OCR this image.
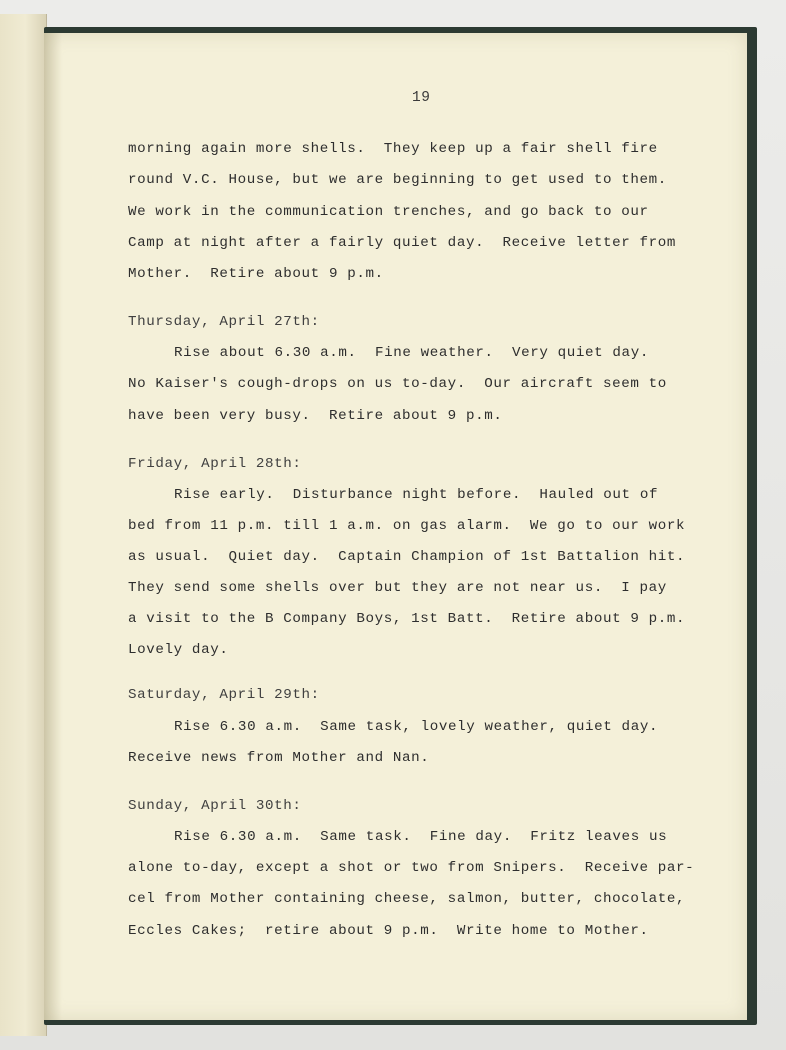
19
morning again more shells.  They keep up a fair shell fire
round V.C. House, but we are beginning to get used to them.
We work in the communication trenches, and go back to our
Camp at night after a fairly quiet day.  Receive letter from
Mother.  Retire about 9 p.m.
Thursday, April 27th:
Rise about 6.30 a.m.  Fine weather.  Very quiet day.
No Kaiser's cough-drops on us to-day.  Our aircraft seem to
have been very busy.  Retire about 9 p.m.
Friday, April 28th:
Rise early.  Disturbance night before.  Hauled out of
bed from 11 p.m. till 1 a.m. on gas alarm.  We go to our work
as usual.  Quiet day.  Captain Champion of 1st Battalion hit.
They send some shells over but they are not near us.  I pay
a visit to the B Company Boys, 1st Batt.  Retire about 9 p.m.
Lovely day.
Saturday, April 29th:
Rise 6.30 a.m.  Same task, lovely weather, quiet day.
Receive news from Mother and Nan.
Sunday, April 30th:
Rise 6.30 a.m.  Same task.  Fine day.  Fritz leaves us
alone to-day, except a shot or two from Snipers.  Receive par-
cel from Mother containing cheese, salmon, butter, chocolate,
Eccles Cakes;  retire about 9 p.m.  Write home to Mother.
